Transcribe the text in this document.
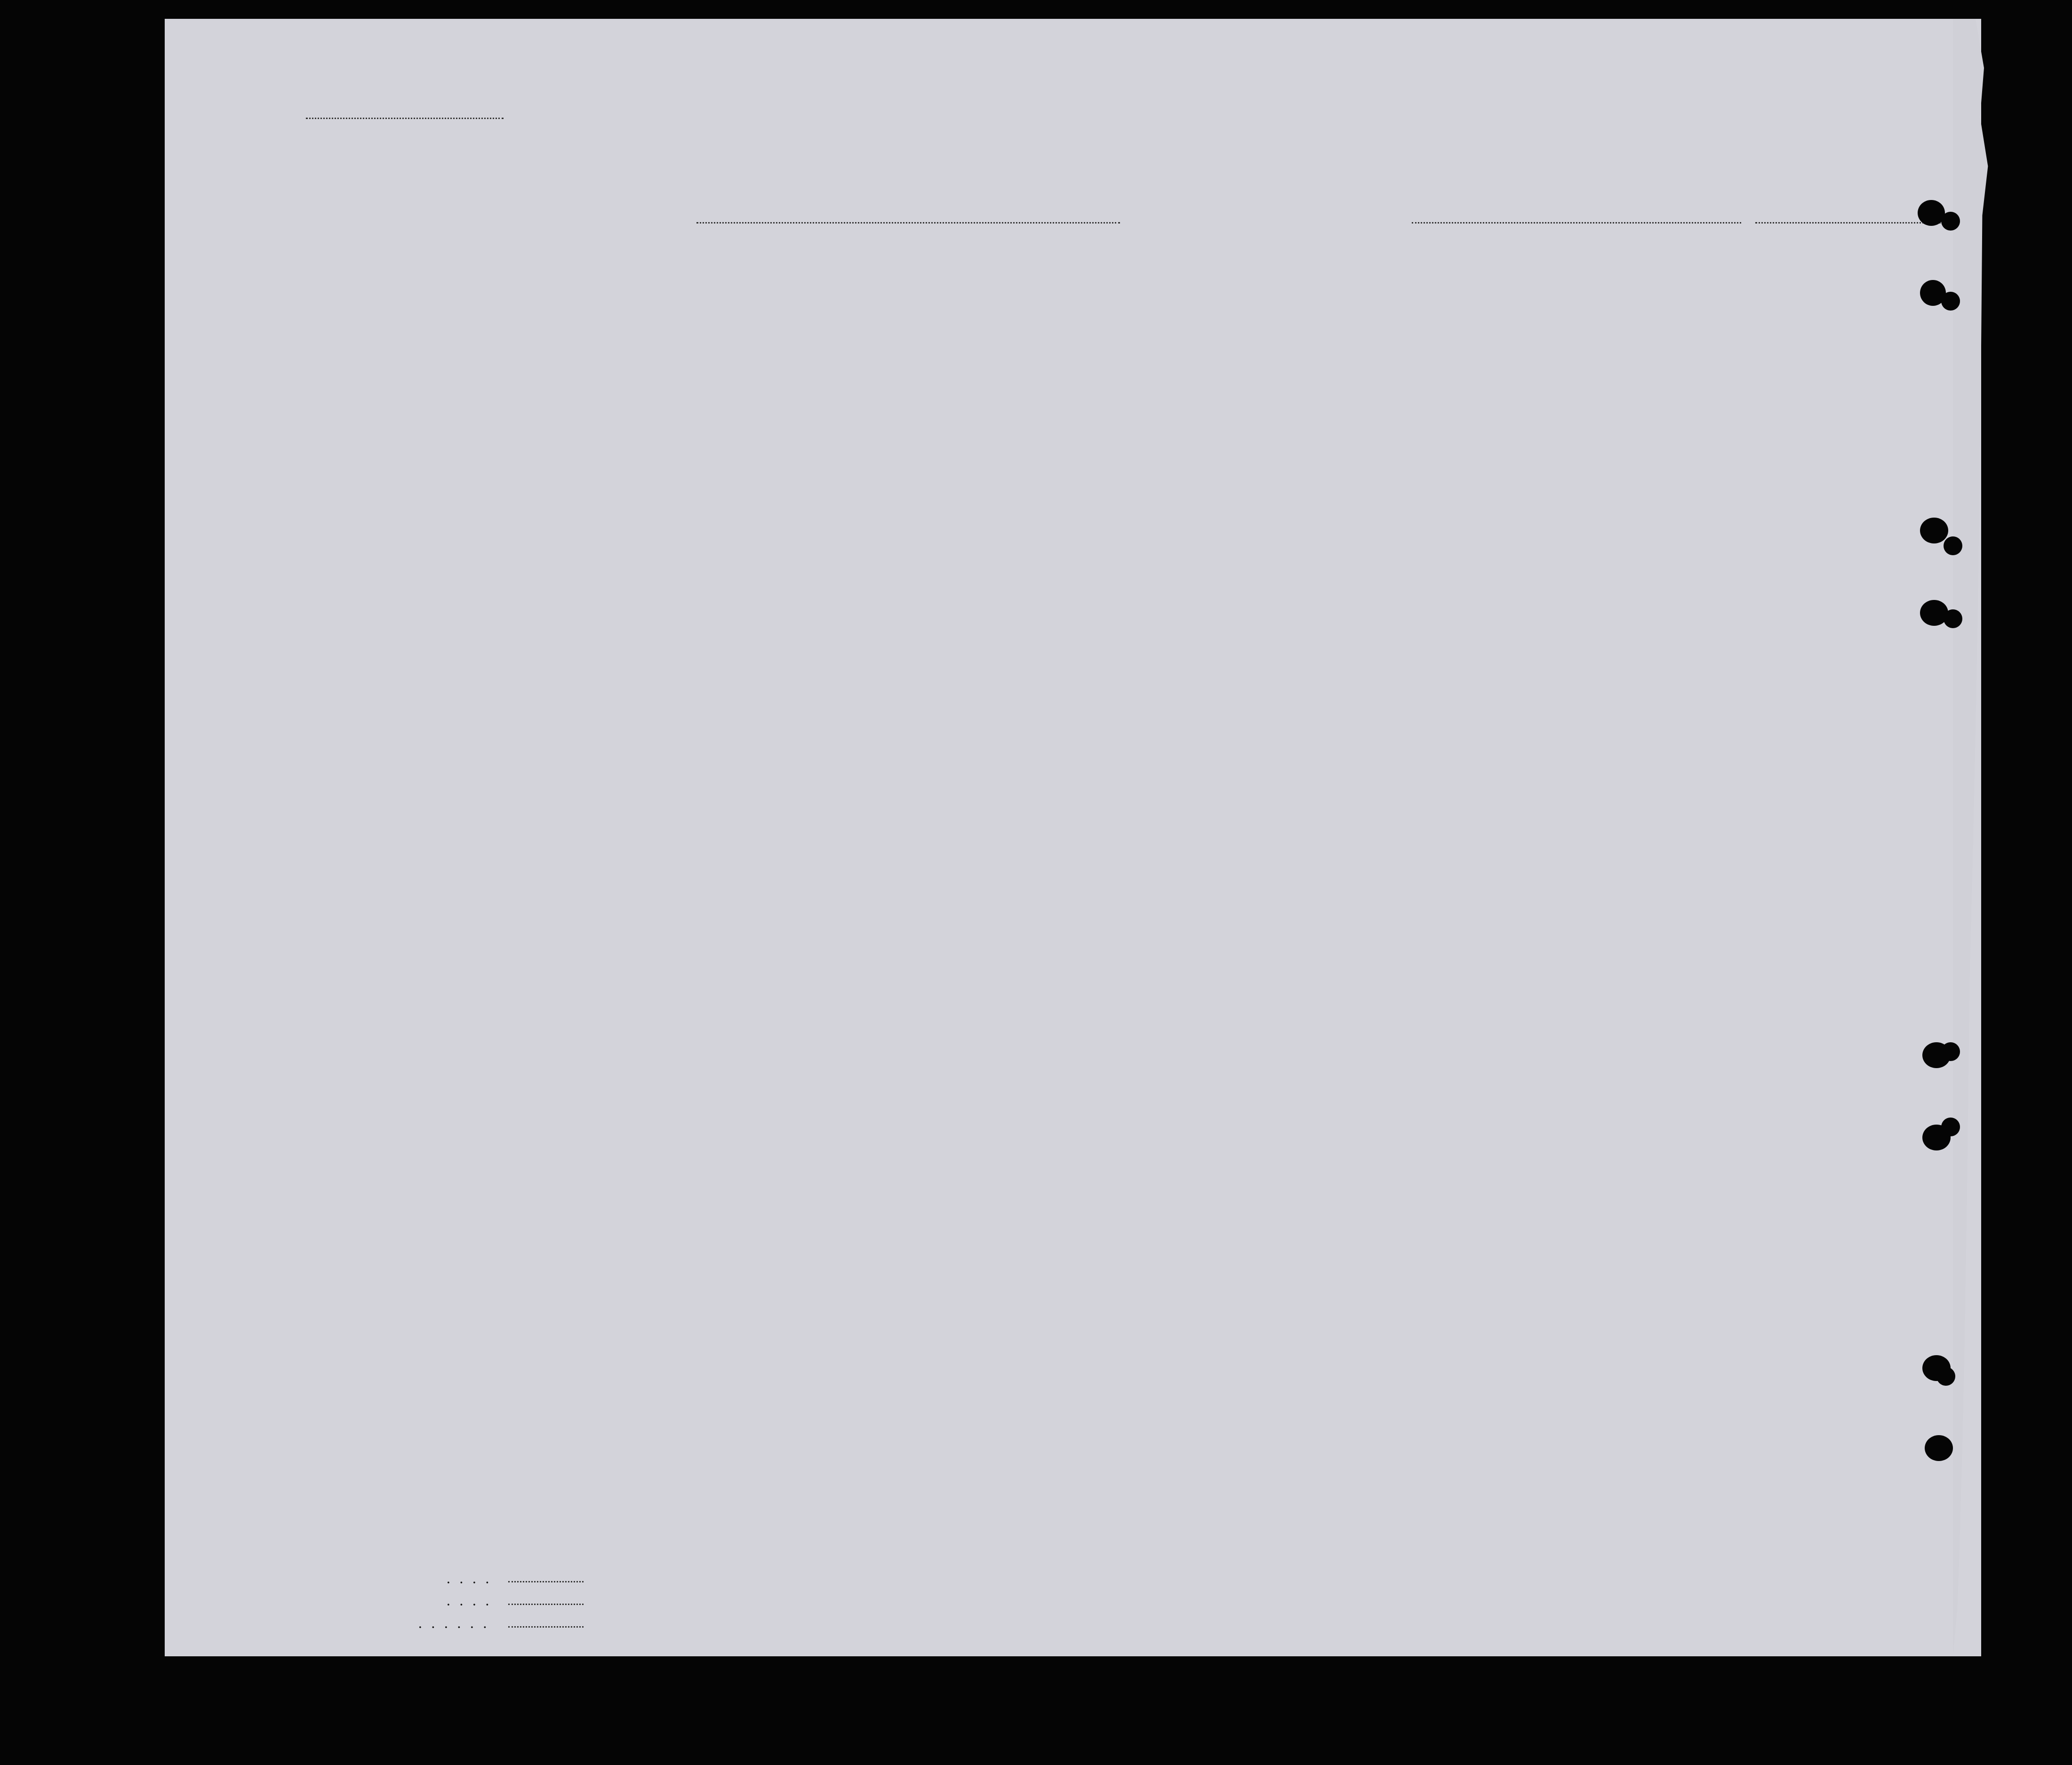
. . . .
. . . .
. . . . . .
